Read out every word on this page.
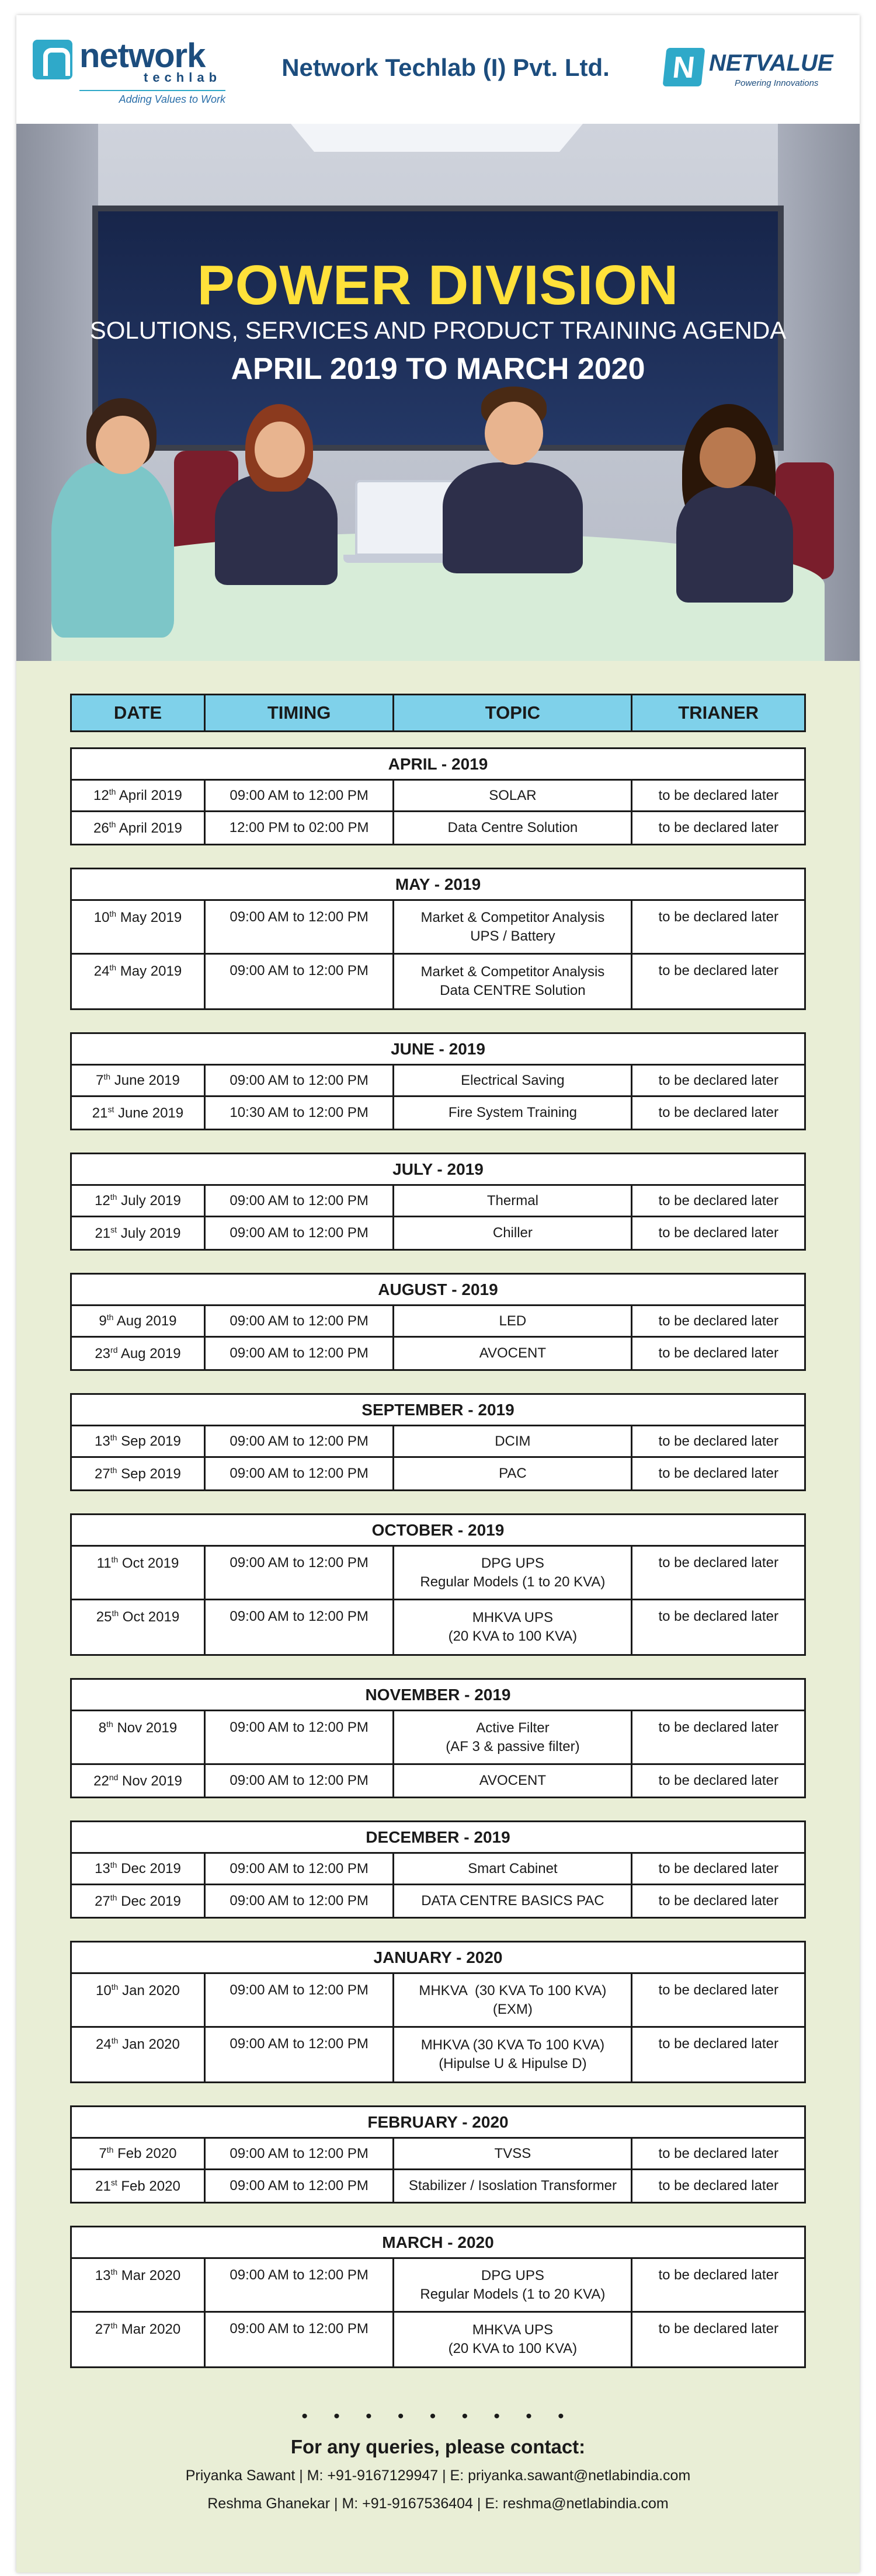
network
techlab
Adding Values to Work
Network Techlab (I) Pvt. Ltd.
N	NETVALUE
Powering Innovations
POWER DIVISION
SOLUTIONS, SERVICES AND PRODUCT TRAINING AGENDA
APRIL 2019 TO MARCH 2020
DATE	TIMING	TOPIC	TRIANER
APRIL - 2019
12th April 2019	09:00 AM to 12:00 PM	SOLAR	to be declared later
26th April 2019	12:00 PM to 02:00 PM	Data Centre Solution	to be declared later
MAY - 2019
10th May 2019	09:00 AM to 12:00 PM	Market & Competitor Analysis
UPS / Battery
to be declared later
24th May 2019	09:00 AM to 12:00 PM	Market & Competitor Analysis
Data CENTRE Solution
to be declared later
JUNE - 2019
7th June 2019	09:00 AM to 12:00 PM	Electrical Saving	to be declared later
21st June 2019	10:30 AM to 12:00 PM	Fire System Training	to be declared later
JULY - 2019
12th July 2019	09:00 AM to 12:00 PM	Thermal	to be declared later
21st July 2019	09:00 AM to 12:00 PM	Chiller	to be declared later
AUGUST - 2019
9th Aug 2019	09:00 AM to 12:00 PM	LED	to be declared later
23rd Aug 2019	09:00 AM to 12:00 PM	AVOCENT	to be declared later
SEPTEMBER - 2019
13th Sep 2019	09:00 AM to 12:00 PM	DCIM	to be declared later
27th Sep 2019	09:00 AM to 12:00 PM	PAC	to be declared later
OCTOBER - 2019
11th Oct 2019	09:00 AM to 12:00 PM	DPG UPS
Regular Models (1 to 20 KVA)
to be declared later
25th Oct 2019	09:00 AM to 12:00 PM	MHKVA UPS
(20 KVA to 100 KVA)
to be declared later
NOVEMBER - 2019
8th Nov 2019	09:00 AM to 12:00 PM	Active Filter
(AF 3 & passive filter)
to be declared later
22nd Nov 2019	09:00 AM to 12:00 PM	AVOCENT	to be declared later
DECEMBER - 2019
13th Dec 2019	09:00 AM to 12:00 PM	Smart Cabinet	to be declared later
27th Dec 2019	09:00 AM to 12:00 PM	DATA CENTRE BASICS PAC	to be declared later
JANUARY - 2020
10th Jan 2020	09:00 AM to 12:00 PM	MHKVA  (30 KVA To 100 KVA)
(EXM)
to be declared later
24th Jan 2020	09:00 AM to 12:00 PM	MHKVA (30 KVA To 100 KVA)
(Hipulse U & Hipulse D)
to be declared later
FEBRUARY - 2020
7th Feb 2020	09:00 AM to 12:00 PM	TVSS	to be declared later
21st Feb 2020	09:00 AM to 12:00 PM	Stabilizer / Isoslation Transformer	to be declared later
MARCH - 2020
13th Mar 2020	09:00 AM to 12:00 PM	DPG UPS
Regular Models (1 to 20 KVA)
to be declared later
27th Mar 2020	09:00 AM to 12:00 PM	MHKVA UPS
(20 KVA to 100 KVA)
to be declared later
• • • • • • • • •
For any queries, please contact:
Priyanka Sawant | M: +91-9167129947 | E: priyanka.sawant@netlabindia.com
Reshma Ghanekar | M: +91-9167536404 | E: reshma@netlabindia.com
